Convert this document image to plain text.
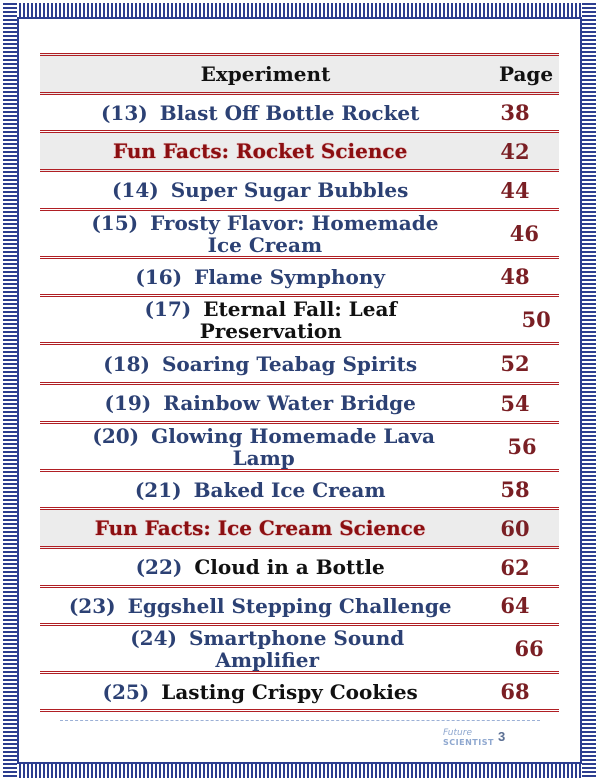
Experiment	Page
(13) Blast Off Bottle Rocket	38
Fun Facts: Rocket Science	42
(14) Super Sugar Bubbles	44
(15) Frosty Flavor: Homemade Ice Cream	46
(16) Flame Symphony	48
(17) Eternal Fall: Leaf Preservation	50
(18) Soaring Teabag Spirits	52
(19) Rainbow Water Bridge	54
(20) Glowing Homemade Lava Lamp	56
(21) Baked Ice Cream	58
Fun Facts: Ice Cream Science	60
(22) Cloud in a Bottle	62
(23) Eggshell Stepping Challenge	64
(24) Smartphone Sound Amplifier	66
(25) Lasting Crispy Cookies	68
Future
SCIENTIST 3
